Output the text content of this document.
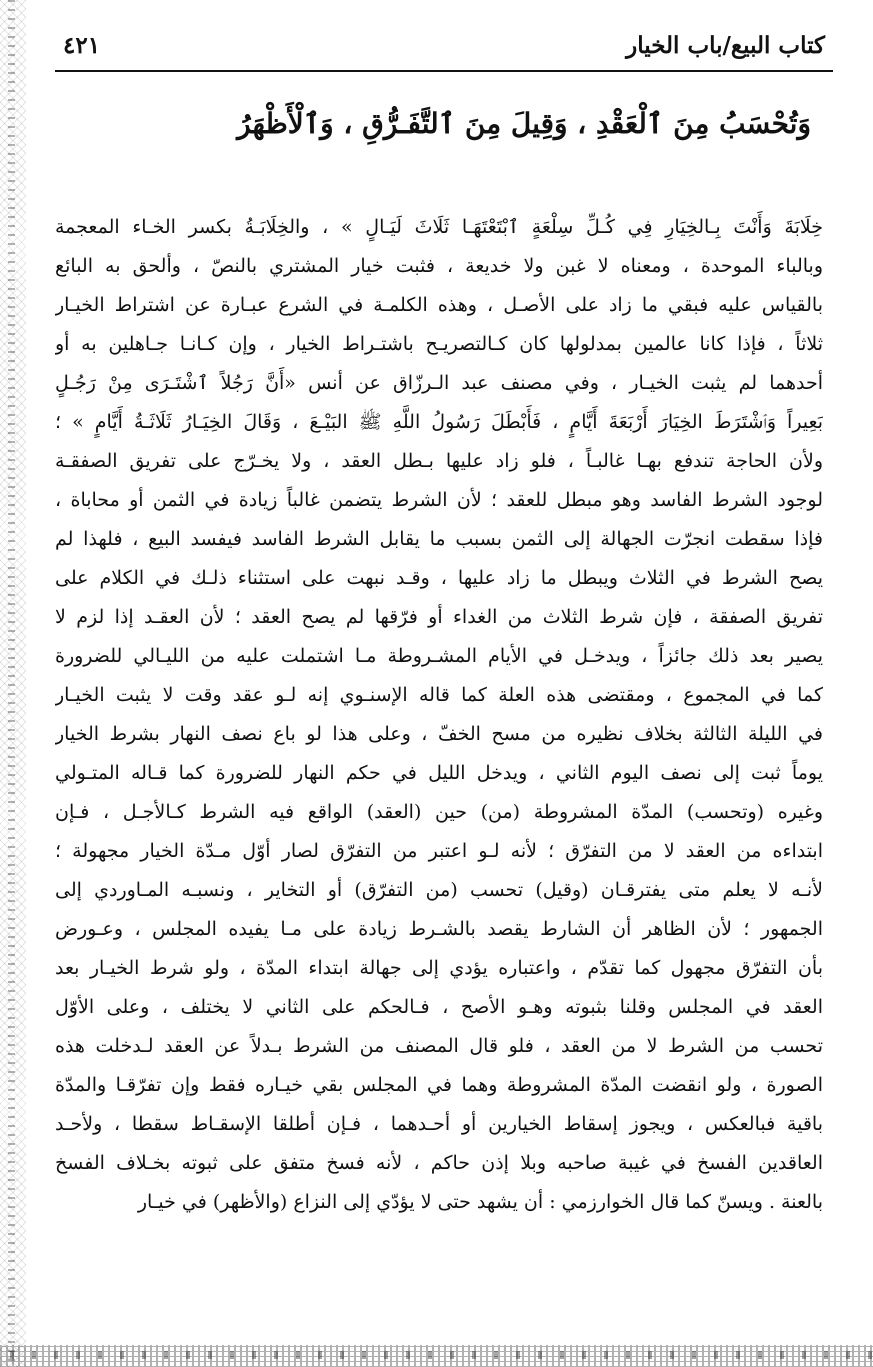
كتاب البيع/باب الخيار
٤٢١
وَتُحْسَبُ مِنَ ٱلْعَقْدِ ، وَقِيلَ مِنَ ٱلتَّفَـرُّقِ ، وَٱلْأَظْهَرُ
خِلَابَةَ وَأَنْتَ بِـالخِيَارِ فِي كُـلِّ سِلْعَةٍ ٱبْتَعْتَهَـا ثَلَاثَ لَيَـالٍ » ، والخِلَابَـةُ بكسر الخـاء المعجمة
وبالباء الموحدة ، ومعناه لا غبن ولا خديعة ، فثبت خيار المشتري بالنصّ ، وألحق به البائع
بالقياس عليه فبقي ما زاد على الأصـل ، وهذه الكلمـة في الشرع عبـارة عن اشتراط الخيـار
ثلاثاً ، فإذا كانا عالمين بمدلولها كان كـالتصريـح باشتـراط الخيار ، وإن كـانـا جـاهلين به أو
أحدهما لم يثبت الخيـار ، وفي مصنف عبد الـرزّاق عن أنس «أَنَّ رَجُلاً ٱشْتَـرَى مِنْ رَجُـلٍ
بَعِيراً وَٱشْتَرَطَ الخِيَارَ أَرْبَعَةَ أَيَّامٍ ، فَأَبْطَلَ رَسُولُ اللَّهِ ﷺ البَيْـعَ ، وَقَالَ الخِيَـارُ ثَلَاثَـةُ أَيَّامٍ » ؛
ولأن الحاجة تندفع بهـا غالبـاً ، فلو زاد عليها بـطل العقد ، ولا يخـرّج على تفريق الصفقـة
لوجود الشرط الفاسد وهو مبطل للعقد ؛ لأن الشرط يتضمن غالباً زيادة في الثمن أو محاباة ،
فإذا سقطت انجرّت الجهالة إلى الثمن بسبب ما يقابل الشرط الفاسد فيفسد البيع ، فلهذا لم
يصح الشرط في الثلاث ويبطل ما زاد عليها ، وقـد نبهت على استثناء ذلـك في الكلام على
تفريق الصفقة ، فإن شرط الثلاث من الغداء أو فرّقها لم يصح العقد ؛ لأن العقـد إذا لزم لا
يصير بعد ذلك جائزاً ، ويدخـل في الأيام المشـروطة مـا اشتملت عليه من الليـالي للضرورة
كما في المجموع ، ومقتضى هذه العلة كما قاله الإسنـوي إنه لـو عقد وقت لا يثبت الخيـار
في الليلة الثالثة بخلاف نظيره من مسح الخفّ ، وعلى هذا لو باع نصف النهار بشرط الخيار
يوماً ثبت إلى نصف اليوم الثاني ، ويدخل الليل في حكم النهار للضرورة كما قـاله المتـولي
وغيره (وتحسب) المدّة المشروطة (من) حين (العقد) الواقع فيه الشرط كـالأجـل ، فـإن
ابتداءه من العقد لا من التفرّق ؛ لأنه لـو اعتبر من التفرّق لصار أوّل مـدّة الخيار مجهولة ؛
لأنـه لا يعلم متى يفترقـان (وقيل) تحسب (من التفرّق) أو التخاير ، ونسبـه المـاوردي إلى
الجمهور ؛ لأن الظاهر أن الشارط يقصد بالشـرط زيادة على مـا يفيده المجلس ، وعـورض
بأن التفرّق مجهول كما تقدّم ، واعتباره يؤدي إلى جهالة ابتداء المدّة ، ولو شرط الخيـار بعد
العقد في المجلس وقلنا بثبوته وهـو الأصح ، فـالحكم على الثاني لا يختلف ، وعلى الأوّل
تحسب من الشرط لا من العقد ، فلو قال المصنف من الشرط بـدلاً عن العقد لـدخلت هذه
الصورة ، ولو انقضت المدّة المشروطة وهما في المجلس بقي خيـاره فقط وإن تفرّقـا والمدّة
باقية فبالعكس ، ويجوز إسقاط الخيارين أو أحـدهما ، فـإن أطلقا الإسقـاط سقطا ، ولأحـد
العاقدين الفسخ في غيبة صاحبه وبلا إذن حاكم ، لأنه فسخ متفق على ثبوته بخـلاف الفسخ
بالعنة . ويسنّ كما قال الخوارزمي : أن يشهد حتى لا يؤدّي إلى النزاع (والأظهر) في خيـار
